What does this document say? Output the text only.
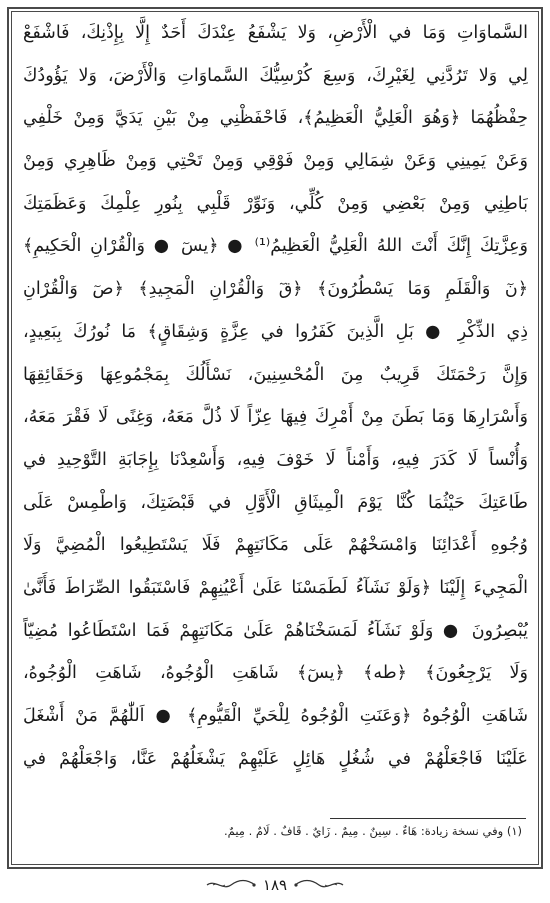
السَّماوَاتِ وَمَا في الْأَرْضِ، وَلا يَشْفَعُ عِنْدَكَ أَحَدٌ إِلَّا بِإِذْنِكَ، فَاشْفَعْ
لِي وَلا تَرُدَّنِي لِغَيْرِكَ، وَسِعَ كُرْسِيُّكَ السَّماوَاتِ وَالْأَرْضَ، وَلا يَؤُودُكَ
حِفْظُهُمَا ﴿وَهُوَ الْعَلِيُّ الْعَظِيمُ﴾، فَاحْفَظْنِي مِنْ بَيْنِ يَدَيَّ وَمِنْ خَلْفِي
وَعَنْ يَمِينِي وَعَنْ شِمَالِي وَمِنْ فَوْقِي وَمِنْ تَحْتِي وَمِنْ ظَاهِرِي وَمِنْ
بَاطِنِي وَمِنْ بَعْضِي وَمِنْ كُلِّي، وَنَوِّرْ قَلْبِي بِنُورِ عِلْمِكَ وَعَظَمَتِكَ
وَعِزَّتِكَ إِنَّكَ أَنْتَ اللهُ الْعَلِيُّ الْعَظِيمُ⁽¹⁾ ● ﴿يسٓ ● وَالْقُرْانِ الْحَكِيمِ﴾
﴿نٓ وَالْقَلَمِ وَمَا يَسْطُرُونَ﴾ ﴿قٓ وَالْقُرْانِ الْمَجِيدِ﴾ ﴿صٓ وَالْقُرْانِ
ذِي الذِّكْرِ ● بَلِ الَّذِينَ كَفَرُوا في عِزَّةٍ وَشِقَاقٍ﴾ مَا نُورُكَ بِبَعِيدٍ،
وَإِنَّ رَحْمَتَكَ قَرِيبٌ مِنَ الْمُحْسِنِينَ، نَسْأَلُكَ بِمَجْمُوعِهَا وَحَقَائِقِهَا
وَأَسْرَارِهَا وَمَا بَطَنَ مِنْ أَمْرِكَ فِيهَا عِزّاً لَا ذُلَّ مَعَهُ، وَغِنًى لَا فَقْرَ مَعَهُ،
وَأُنْساً لَا كَدَرَ فِيهِ، وَأَمْناً لَا خَوْفَ فِيهِ، وَأَسْعِدْنَا بِإِجَابَةِ التَّوْحِيدِ في
طَاعَتِكَ حَيْثُمَا كُنَّا يَوْمَ الْمِيثَاقِ الْأَوَّلِ في قَبْضَتِكَ، وَاطْمِسْ عَلَى
وُجُوهِ أَعْدَائِنَا وَامْسَخْهُمْ عَلَى مَكَانَتِهِمْ فَلَا يَسْتَطِيعُوا الْمُضِيَّ وَلَا
الْمَجِيءَ إِلَيْنَا ﴿وَلَوْ نَشَآءُ لَطَمَسْنَا عَلَىٰ أَعْيُنِهِمْ فَاسْتَبَقُوا الصِّرَاطَ فَأَنَّىٰ
يُبْصِرُونَ ● وَلَوْ نَشَآءُ لَمَسَخْنَاهُمْ عَلَىٰ مَكَانَتِهِمْ فَمَا اسْتَطَاعُوا مُضِيّاً
وَلَا يَرْجِعُونَ﴾ ﴿طه﴾ ﴿يسٓ﴾ شَاهَتِ الْوُجُوهُ، شَاهَتِ الْوُجُوهُ،
شَاهَتِ الْوُجُوهُ ﴿وَعَنَتِ الْوُجُوهُ لِلْحَيِّ الْقَيُّومِ﴾ ● اَللّٰهُمَّ مَنْ أَشْغَلَ
عَلَيْنَا فَاجْعَلْهُمْ في شُغُلٍ هَائِلٍ عَلَيْهِمْ يَشْغَلُهُمْ عَنَّا، وَاجْعَلْهُمْ في
(١) وفي نسخة زيادة: هَاءٌ . سِينٌ . مِيمٌ . زَايٌ . قَافٌ . لَامٌ . مِيمٌ.
١٨٩
